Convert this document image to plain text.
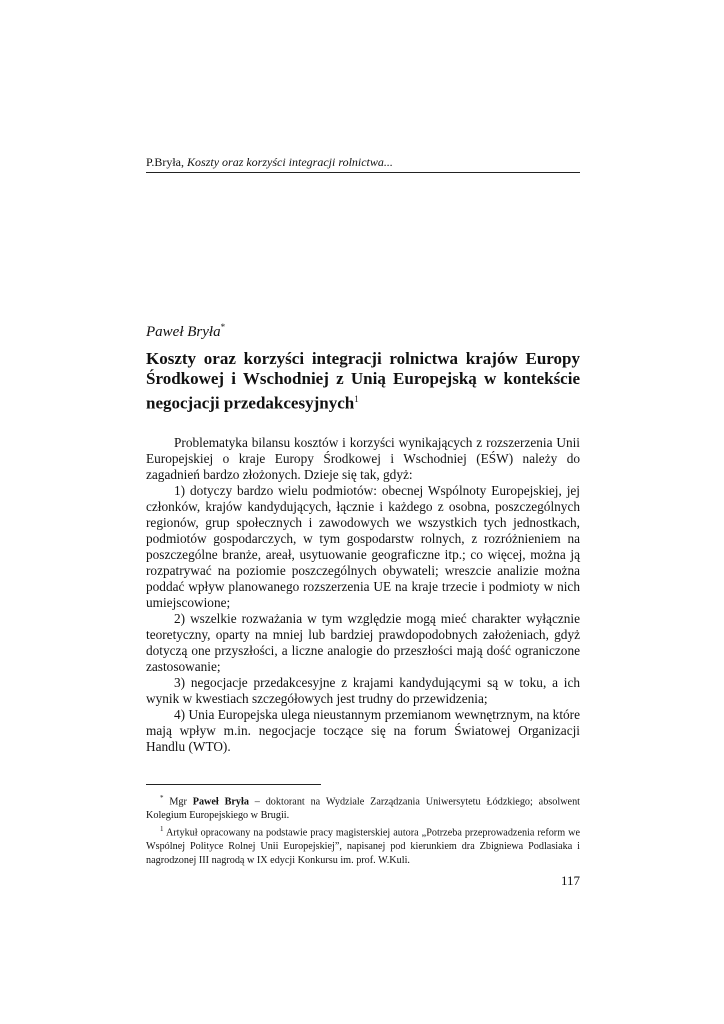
P.Bryła, Koszty oraz korzyści integracji rolnictwa...
Paweł Bryła*
Koszty oraz korzyści integracji rolnictwa krajów Europy Środkowej i Wschodniej z Unią Europejską w kontekście negocjacji przedakcesyjnych$^1$

Problematyka bilansu kosztów i korzyści wynikających z rozszerzenia Unii Europejskiej o kraje Europy Środkowej i Wschodniej (EŚW) należy do zagadnień bardzo złożonych. Dzieje się tak, gdyż:

1) dotyczy bardzo wielu podmiotów: obecnej Wspólnoty Europejskiej, jej członków, krajów kandydujących, łącznie i każdego z osobna, poszczególnych regionów, grup społecznych i zawodowych we wszystkich tych jednostkach, podmiotów gospodarczych, w tym gospodarstw rolnych, z rozróżnieniem na poszczególne branże, areał, usytuowanie geograficzne itp.; co więcej, można ją rozpatrywać na poziomie poszczególnych obywateli; wreszcie analizie można poddać wpływ planowanego rozszerzenia UE na kraje trzecie i podmioty w nich umiejscowione;

2) wszelkie rozważania w tym względzie mogą mieć charakter wyłącznie teoretyczny, oparty na mniej lub bardziej prawdopodobnych założeniach, gdyż dotyczą one przyszłości, a liczne analogie do przeszłości mają dość ograniczone zastosowanie;

3) negocjacje przedakcesyjne z krajami kandydującymi są w toku, a ich wynik w kwestiach szczegółowych jest trudny do przewidzenia;

4) Unia Europejska ulega nieustannym przemianom wewnętrznym, na które mają wpływ m.in. negocjacje toczące się na forum Światowej Organizacji Handlu (WTO).

* Mgr Paweł Bryła – doktorant na Wydziale Zarządzania Uniwersytetu Łódzkiego; absolwent Kolegium Europejskiego w Brugii.

$^1$ Artykuł opracowany na podstawie pracy magisterskiej autora „Potrzeba przeprowadzenia reform we Wspólnej Polityce Rolnej Unii Europejskiej”, napisanej pod kierunkiem dra Zbigniewa Podlasiaka i nagrodzonej III nagrodą w IX edycji Konkursu im. prof. W.Kuli.

117
